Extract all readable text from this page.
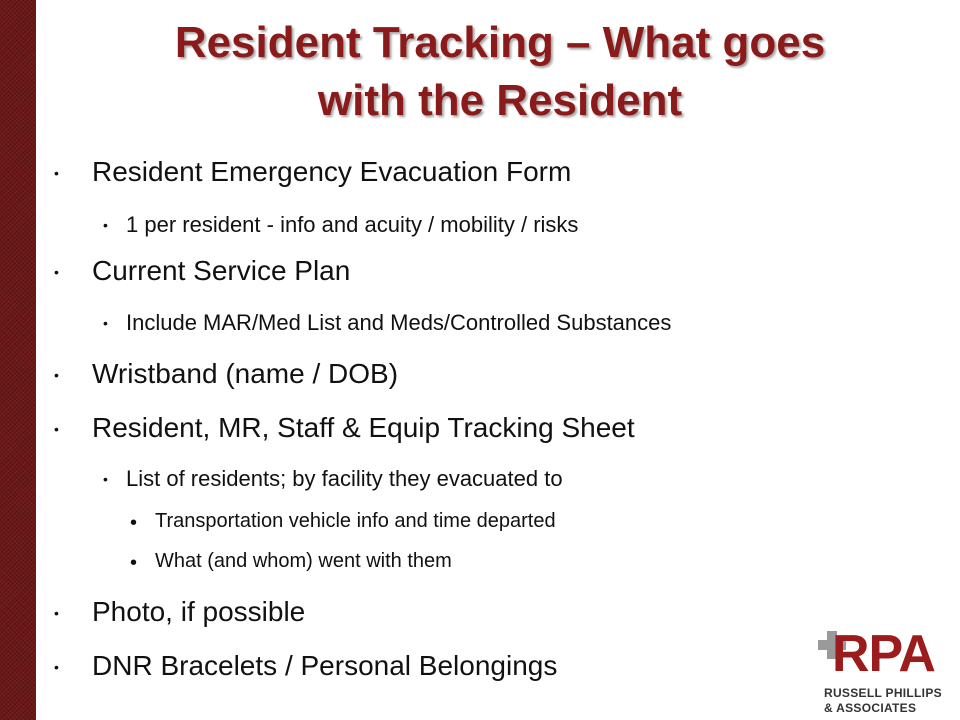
Resident Tracking – What goes
with the Resident
• Resident Emergency Evacuation Form
• 1 per resident - info and acuity / mobility / risks
• Current Service Plan
• Include MAR/Med List and Meds/Controlled Substances
• Wristband (name / DOB)
• Resident, MR, Staff & Equip Tracking Sheet
• List of residents; by facility they evacuated to
• Transportation vehicle info and time departed
• What (and whom) went with them
• Photo, if possible
• DNR Bracelets / Personal Belongings	RPA
RUSSELL PHILLIPS
& ASSOCIATES
